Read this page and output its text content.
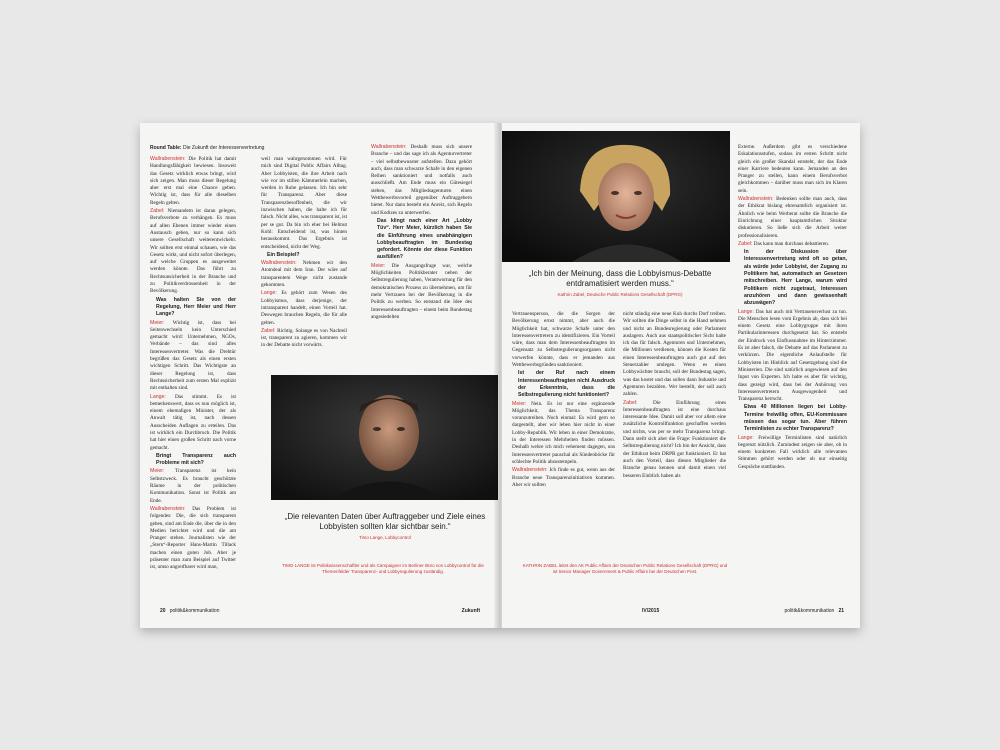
Round Table: Die Zukunft der Interessenvertretung

Wallrabenstein: Die Politik hat damit Handlungsfähigkeit bewiesen. Insoweit das Gesetz wirklich etwas bringt, wird sich zeigen. Man muss dieser Regelung aber erst mal eine Chance geben. Wichtig ist, dass für alle dieselben Regeln gelten.

Zabel: Niemandem ist daran gelegen, Berufsverbote zu verhängen. Es muss auf allen Ebenen immer wieder einen Austausch geben, nur so kann sich unsere Gesellschaft weiterentwickeln. Wir sollten erst einmal schauen, wie das Gesetz wirkt, und nicht sofort überlegen, auf welche Gruppen es ausgeweitet werden könnte. Das führt zu Rechtsunsicherheit in der Branche und zu Politikverdrossenheit in der Bevölkerung.

Was halten Sie von der Regelung, Herr Meier und Herr Lange?

Meier: Wichtig ist, dass bei Seitenwechseln kein Unterschied gemacht wird: Unternehmen, NGOs, Verbände – das sind alles Interessenvertreter. Was die Drehtür begrüßen das Gesetz als einen ersten wichtigen Schritt. Das Wichtigste an dieser Regelung ist, dass Rechtssicherheit zum ersten Mal explizit mit enthalten sind.

Lange: Das stimmt. Es ist bemerkenswert, dass es nun möglich ist, einem ehemaligen Minister, der als Anwalt tätig ist, nach dessen Ausscheiden Auflagen zu erteilen. Das ist wirklich ein Durchbruch. Die Politik hat hier einen großen Schritt nach vorne gemacht.

Bringt Transparenz auch Probleme mit sich?

Meier: Transparenz ist kein Selbstzweck. Es braucht geschützte Räume in der politischen Kommunikation. Sonst ist Politik am Ende.

Wallrabenstein: Das Problem ist folgendes: Die, die sich transparent geben, sind am Ende die, über die in den Medien berichtet wird und die am Pranger stehen. Journalisten wie der „Stern“-Reporter Hans-Martin Tillack machen einen guten Job. Aber je präsenter man zum Beispiel auf Twitter ist, umso angreifbarer wird man,

weil man wahrgenommen wird. Für mich sind Digital Public Affairs Alltag. Aber Lobbyisten, die ihre Arbeit nach wie vor im stillen Kämmerlein machen, werden in Ruhe gelassen. Ich bin sehr für Transparenz. Aber diese Transparenzbesoffenheit, die wir inzwischen haben, die halte ich für falsch. Nicht alles, was transparent ist, ist per se gut. Da bin ich eher bei Helmut Kohl: Entscheidend ist, was hinten herauskommt. Das Ergebnis ist entscheidend, nicht der Weg.

Ein Beispiel?

Wallrabenstein: Nehmen wir den Atomdeal mit dem Iran. Der wäre auf transparentem Wege nicht zustande gekommen.

Lange: Es gehört zum Wesen des Lobbyismus, dass derjenige, der intransparent handelt, einen Vorteil hat. Deswegen brauchen Regeln, die für alle gelten.

Zabel: Richtig. Solange es von Nachteil ist, transparent zu agieren, kommen wir in der Debatte nicht vorwärts.

Wallrabenstein: Deshalb muss sich unsere Branche – und das sage ich als Agenturvertreter – viel selbstbewusster aufstellen. Dazu gehört auch, dass man schwarze Schafe in den eigenen Reihen sanktioniert und notfalls auch ausschließt. Am Ende muss ein Gütesiegel stehen, das Mitgliedsagenturen einen Wettbewerbsvorteil gegenüber Auftraggebern bietet. Nur dann besteht ein Anreiz, sich Regeln und Kodizes zu unterwerfen.

Das klingt nach einer Art „Lobby Tüv“. Herr Meier, kürzlich haben Sie die Einführung eines unabhängigen Lobbybeauftragten im Bundestag gefordert. Könnte der diese Funktion ausfüllen?

Meier: Die Ausgangsfrage war, welche Möglichkeiten Politikberater neben der Selbstregulierung haben, Verantwortung für den demokratischen Prozess zu übernehmen, um für mehr Vertrauen bei der Bevölkerung in die Politik zu werben. So entstand die Idee des Interessenbeauftragten – einem beim Bundestag angesiedelten

„Die relevanten Daten über Auftraggeber und Ziele eines Lobbyisten sollten klar sichtbar sein.“
Timo Lange, Lobbycontrol
TIMO LANGE ist Politikwissenschaftler und als Campaigner im Berliner Büro von Lobbycontrol für die Themenfelder Transparenz- und Lobbyregulierung zuständig.
20 politik&kommunikation	Zukunft
„Ich bin der Meinung, dass die Lobbyismus-Debatte entdramatisiert werden muss.“
Kathrin Zabel, Deutsche Public Relations Gesellschaft (DPRG)

Vertrauensperson, die die Sorgen der Bevölkerung ernst nimmt, aber auch die Möglichkeit hat, schwarze Schafe unter den Interessenvertretern zu identifizieren. Ein Vorteil wäre, dass man dem Interessenbeauftragten im Gegensatz zu Selbstregulierungsorganen nicht vorwerfen könnte, dass er jemanden aus Wettbewerbsgründen sanktioniert.

Ist der Ruf nach einem Interessenbeauftragten nicht Ausdruck der Erkenntnis, dass die Selbstregulierung nicht funktioniert?

Meier: Nein. Es ist nur eine ergänzende Möglichkeit, das Thema Transparenz voranzutreiben. Noch einmal: Es wird gern so dargestellt, aber wir leben hier nicht in einer Lobby-Republik. Wir leben in einer Demokratie, in der Interessen Mehrheiten finden müssen. Deshalb wehre ich mich vehement dagegen, uns Interessenvertreter pauschal als Sündenböcke für schlechte Politik abzustempeln.

Wallrabenstein: Ich finde es gut, wenn aus der Branche neue Transparenzinitiativen kommen. Aber wir sollten

nicht ständig eine neue Kuh durchs Dorf treiben. Wir sollten die Dinge selbst in die Hand nehmen und nicht an Bundesregierung oder Parlament auslagern. Auch aus staatspolitischer Sicht halte ich das für falsch. Agenturen und Unternehmen, die Millionen verdienen, können die Kosten für einen Interessenbeauftragten auch gut auf den Steuerzahler umlegen. Wenn es einen Lobbywächter braucht, soll der Bundestag sagen, was das kostet und das sollen dann Industrie und Agenturen bezahlen. Wer bestellt, der soll auch zahlen.

Zabel:	Die Einführung eines Interessenbeauftragten ist eine durchaus interessante Idee. Damit soll aber vor allem eine zusätzliche Kontrollfunktion geschaffen werden und nichts, was per se mehr Transparenz bringt. Dann stellt sich aber die Frage: Funktioniert die Selbstregulierung nicht? Ich bin der Ansicht, dass der Ethikrat beim DRPR gut funktioniert. Er hat auch den Vorteil, dass diesen Mitglieder die Branche genau kennen und damit einen viel besseren Einblick haben als

Externe. Außerdem gibt es verschiedene Eskalationsstufen, sodass im ersten Schritt nicht gleich ein großer Skandal entsteht, der das Ende einer Karriere bedeuten kann. Jemanden an den Pranger zu stellen, kann einem Berufsverbot gleichkommen – darüber muss man sich im Klaren sein.

Wallrabenstein: Bedenken sollte man auch, dass der Ethikrat bislang ehrenamtlich organisiert ist. Ähnlich wie beim Werberat sollte die Branche die Einrichtung einer hauptamtlichen Struktur diskutieren. So ließe sich die Arbeit weiter professionalisieren.

Zabel: Das kann man durchaus debattieren.

In der Diskussion über Interessenvertretung wird oft so getan, als würde jeder Lobbyist, der Zugang zu Politikern hat, automatisch an Gesetzen mitschreiben. Herr Lange, warum wird Politikern nicht zugetraut, Interessen anzuhören und dann gewissenhaft abzuwägen?

Lange: Das hat auch mit Vertrauensverlust zu tun. Die Menschen lesen vom Ergebnis ab, dass sich bei einem Gesetz eine Lobbygruppe mit ihren Partikularinteressen durchgesetzt hat. So entsteht der Eindruck von Einflussnahme im Hinterzimmer. Es ist aber falsch, die Debatte auf das Parlament zu verkürzen. Die eigentliche Anlaufstelle für Lobbyisten im Hinblick auf Gesetzgebung sind die Ministerien. Die sind natürlich angewiesen auf den Input von Experten. Ich halte es aber für wichtig, dass gezeigt wird, dass bei der Anhörung von Interessenvertretern Ausgewogenheit und Transparenz herrscht.

Etwa 40 Millionen liegen bei Lobby-Termine freiwillig offen, EU-Kommissare müssen das sogar tun. Aber führen Terminlisten zu echter Transparenz?

Lange: Freiwillige Terminlisten sind natürlich begrenzt nützlich. Zumindest zeigen sie aber, ob in einem konkreten Fall wirklich alle relevanten Stimmen gehört werden oder ob nur einseitig Gespräche stattfanden.

KATHRIN ZABEL leitet den AK Public Affairs der Deutschen Public Relations Gesellschaft (DPRG) und ist Senior Manager Government & Public Affairs bei der Deutschen Post.
IV/2015	politik&kommunikation 21
